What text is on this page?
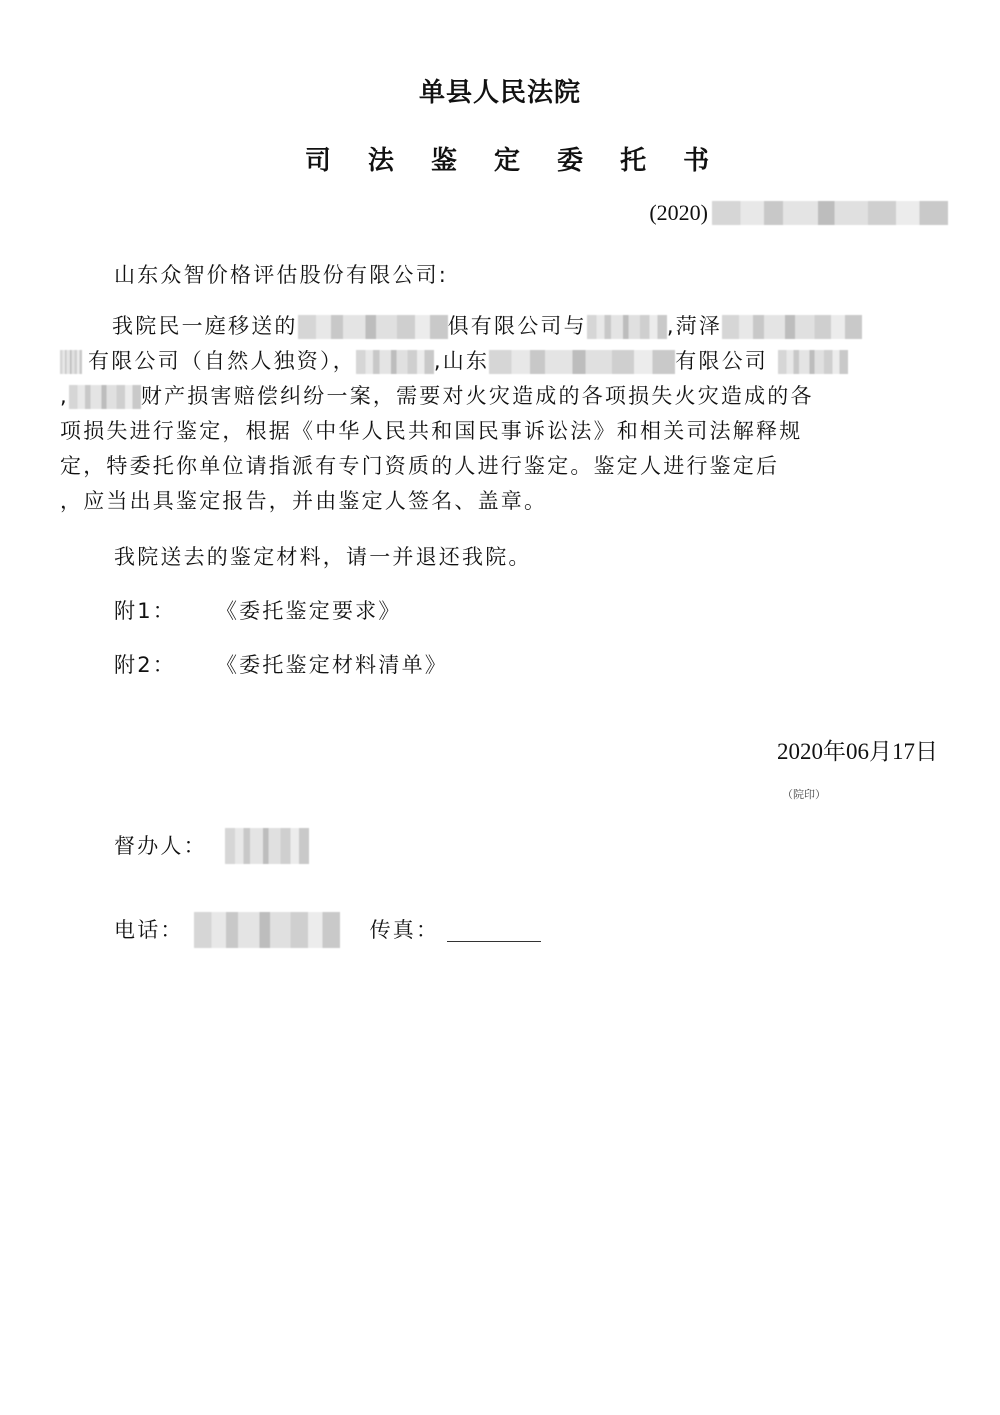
单县人民法院
司 法 鉴 定 委 托 书
(2020)
山东众智价格评估股份有限公司:
我院民一庭移送的	俱有限公司与	,菏泽
有限公司（自然人独资），	,山东	有限公司
,	财产损害赔偿纠纷一案，需要对火灾造成的各项损失火灾造成的各
项损失进行鉴定，根据《中华人民共和国民事诉讼法》和相关司法解释规
定，特委托你单位请指派有专门资质的人进行鉴定。鉴定人进行鉴定后
，应当出具鉴定报告，并由鉴定人签名、盖章。
我院送去的鉴定材料，请一并退还我院。
附1： 《委托鉴定要求》
附2： 《委托鉴定材料清单》
2020年06月17日
（院印）
督办人：
电话：	传真：
